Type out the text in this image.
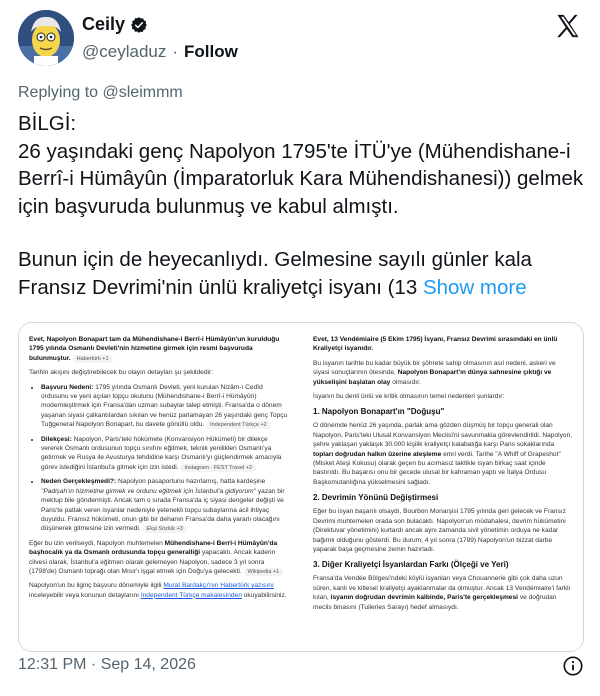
Ceily
@ceyladuz · Follow
Replying to @sleimmm

BİLGİ:

26 yaşındaki genç Napolyon 1795'te İTÜ'ye (Mühendishane-i Berrî-i Hümâyûn (İmparatorluk Kara Mühendishanesi)) gelmek için başvuruda bulunmuş ve kabul almıştı.

Bunun için de heyecanlıydı. Gelmesine sayılı günler kala Fransız Devrimi'nin ünlü kraliyetçi isyanı (13 Show more

Evet, Napolyon Bonapart tam da Mühendishane-i Berrî-i Hümâyûn'un kurulduğu 1795 yılında Osmanlı Devleti'nin hizmetine girmek için resmi başvuruda bulunmuştur. Habertürk +1
Tarihin akışını değiştirebilecek bu olayın detayları şu şekildedir:
• Başvuru Nedeni: 1795 yılında Osmanlı Devleti, yeni kurulan Nizâm-ı Cedîd ordusunu ve yeni açılan topçu okulunu (Mühendishane-i Berrî-i Hümâyûn) modernleştirmek için Fransa'dan uzman subaylar talep etmişti. Fransa'da o dönem yaşanan siyasi çalkantılardan sıkılan ve henüz parlamayan 26 yaşındaki genç Topçu Tuğgeneral Napolyon Bonapart, bu davete gönüllü oldu. Independent Türkçe +2
• Dilekçesi: Napolyon, Paris'teki hükümete (Konvansiyon Hükümeti) bir dilekçe vererek Osmanlı ordusunun topçu sınıfını eğitmek, teknik yenilikleri Osmanlı'ya getirmek ve Rusya ile Avusturya tehdidine karşı Osmanlı'yı güçlendirmek amacıyla görev istediğini İstanbul'a gitmek için izin istedi. Instagram · FEST Travel +2
• Neden Gerçekleşmedi?: Napolyon pasaportunu hazırlamış, hatta kardeşine "Padişah'ın hizmetine girmek ve ordunu eğitmek için İstanbul'a gidiyorum" yazan bir mektup bile göndermişti. Ancak tam o sırada Fransa'da iç siyasi dengeler değişti ve Paris'te patlak veren isyanlar nedeniyle yetenekli topçu subaylarına acil ihtiyaç duyuldu. Fransız hükümeti, onun gibi bir dehanın Fransa'da daha yararlı olacağını düşünerek gitmesine izin vermedi. Ekşi Sözlük +3
Eğer bu izin verilseydi, Napolyon muhtemelen Mühendishane-i Berrî-i Hümâyûn'da başhocalık ya da Osmanlı ordusunda topçu generalliği yapacaktı. Ancak kaderin cilvesi olarak, İstanbul'a eğitmen olarak gelemeyen Napolyon, sadece 3 yıl sonra (1798'de) Osmanlı toprağı olan Mısır'ı işgal etmek için Doğu'ya gelecekti. Wikipedia +1
Napolyon'un bu ilginç başvuru dönemiyle ilgili Murat Bardakçı'nın Habertürk yazısını inceleyebilir veya konunun detaylarını Independent Türkçe makalesinden okuyabilirsiniz.
Evet, 13 Vendémiaire (5 Ekim 1795) İsyanı, Fransız Devrimi sırasındaki en ünlü Kraliyetçi isyanıdır.
Bu isyanın tarihte bu kadar büyük bir şöhrete sahip olmasının asıl nedeni, askeri ve siyasi sonuçlarının ötesinde, Napolyon Bonapart'ın dünya sahnesine çıktığı ve yükselişini başlatan olay olmasıdır.
İsyanın bu denli ünlü ve kritik olmasının temel nedenleri şunlardır:
1. Napolyon Bonapart'ın "Doğuşu"
O dönemde henüz 26 yaşında, parlak ama gözden düşmüş bir topçu generali olan Napolyon, Paris'teki Ulusal Konvansiyon Meclisi'ni savunmakla görevlendirildi. Napolyon, şehre yaklaşan yaklaşık 30.000 kişilik kraliyetçi kalabalığa karşı Paris sokaklarında topları doğrudan halkın üzerine ateşleme emri verdi. Tarihe "A Whiff of Grapeshot" (Misket Ateşi Kokusu) olarak geçen bu acımasız taktikle isyan birkaç saat içinde bastırıldı. Bu başarısı onu bir gecede ulusal bir kahraman yaptı ve İtalya Ordusu Başkomutanlığına yükselmesini sağladı.
2. Devrimin Yönünü Değiştirmesi
Eğer bu isyan başarılı olsaydı, Bourbon Monarşisi 1795 yılında geri gelecek ve Fransız Devrimi muhtemelen orada son bulacaktı. Napolyon'un müdahalesi, devrim hükümetini (Direktuvar yönetimini) kurtardı ancak aynı zamanda sivil yönetimin orduya ne kadar bağımlı olduğunu gösterdi. Bu durum, 4 yıl sonra (1799) Napolyon'un bizzat darbe yaparak başa geçmesine zemin hazırladı.
3. Diğer Kraliyetçi İsyanlardan Farkı (Ölçeği ve Yeri)
Fransa'da Vendée Bölgesi'ndeki köylü isyanları veya Chouannerie gibi çok daha uzun süren, kanlı ve kitlesel kraliyetçi ayaklanmalar da olmuştur. Ancak 13 Vendémiaire'i farklı kılan, isyanın doğrudan devrimin kalbinde, Paris'te gerçekleşmesi ve doğrudan meclis binasını (Tuileries Sarayı) hedef almasıydı.
12:31 PM · Sep 14, 2026
